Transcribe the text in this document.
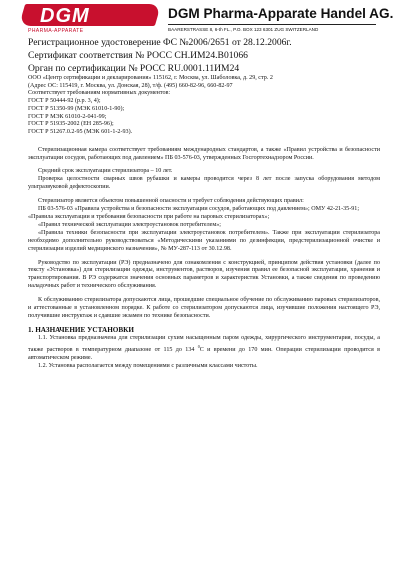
DGM
PHARMA-APPARATE
DGM Pharma-Apparate Handel AG.
BAARERSTRASSE 8, 6-th FL., P.O. BOX 123 6301 ZUG SWITZERLAND
Регистрационное удостоверение ФС №2006/2651 от 28.12.2006г.
Сертификат соответствия № РОСС СН.ИМ24.В01066
Орган по сертификации № РОСС RU.0001.11ИМ24
ООО «Центр сертификации и декларирования» 115162, г. Москва, ул. Шаболовка, д. 29, стр. 2
(Адрес ОС: 115419, г. Москва, ул. Донская, 28), т/ф. (495) 660-82-96, 660-82-97
Соответствует требованиям нормативных документов:
ГОСТ Р 50444-92 (р.р. 3, 4);
ГОСТ Р 51350-99 (МЭК 61010-1-90);
ГОСТ Р МЭК 61010-2-041-99;
ГОСТ Р 51935-2002 (ЕН 285-96);
ГОСТ Р 51267.0.2-95 (МЭК 601-1-2-93).
Стерилизационная камера соответствует требованиям международных стандартов, а также «Правил устройства и безопасности эксплуатации сосудов, работающих под давлением» ПБ 03-576-03, утвержденных Госгортехнадзором России.
Средний срок эксплуатации стерилизатора – 10 лет.
Проверка целостности сварных швов рубашки и камеры проводится через 8 лет после запуска оборудования методом ультразвуковой дефектоскопии.
Стерилизатор является объектом повышенной опасности и требует соблюдения действующих правил:
ПБ 03-576-03 «Правила устройства и безопасности эксплуатации сосудов, работающих под давлением»; ОМУ 42-21-35-91;
«Правила эксплуатации и требования безопасности при работе на паровых стерилизаторах»;
«Правил технической эксплуатации электроустановок потребителем»;
«Правила техники безопасности при эксплуатации электроустановок потребителем». Также при эксплуатации стерилизатора необходимо дополнительно руководствоваться «Методическими указаниями по дезинфекции, предстерилизационной очистке и стерилизации изделий медицинского назначения», № МУ-287-113 от 30.12.98.
Руководство по эксплуатации (РЭ) предназначено для ознакомления с конструкцией, принципом действия установки (далее по тексту «Установка») для стерилизации одежды, инструментов, растворов, изучения правил ее безопасной эксплуатации, хранения и транспортирования. В РЭ содержатся значения основных параметров и характеристик Установки, а также сведения по проведению наладочных работ и технического обслуживания.
К обслуживанию стерилизатора допускаются лица, прошедшие специальное обучение по обслуживанию паровых стерилизаторов, и аттестованные в установленном порядке. К работе со стерилизатором допускаются лица, изучившие положения настоящего РЭ, получившие инструктаж и сдавшие экзамен по технике безопасности.
1. НАЗНАЧЕНИЕ УСТАНОВКИ
1.1. Установка предназначена для стерилизации сухим насыщенным паром одежды, хирургического инструментария, посуды, а также растворов в температурном диапазоне от 115 до 134 $^0$С и времени до 170 мин. Операции стерилизации проводится в автоматическом режиме.
1.2. Установка располагается между помещениями с различными классами чистоты.
